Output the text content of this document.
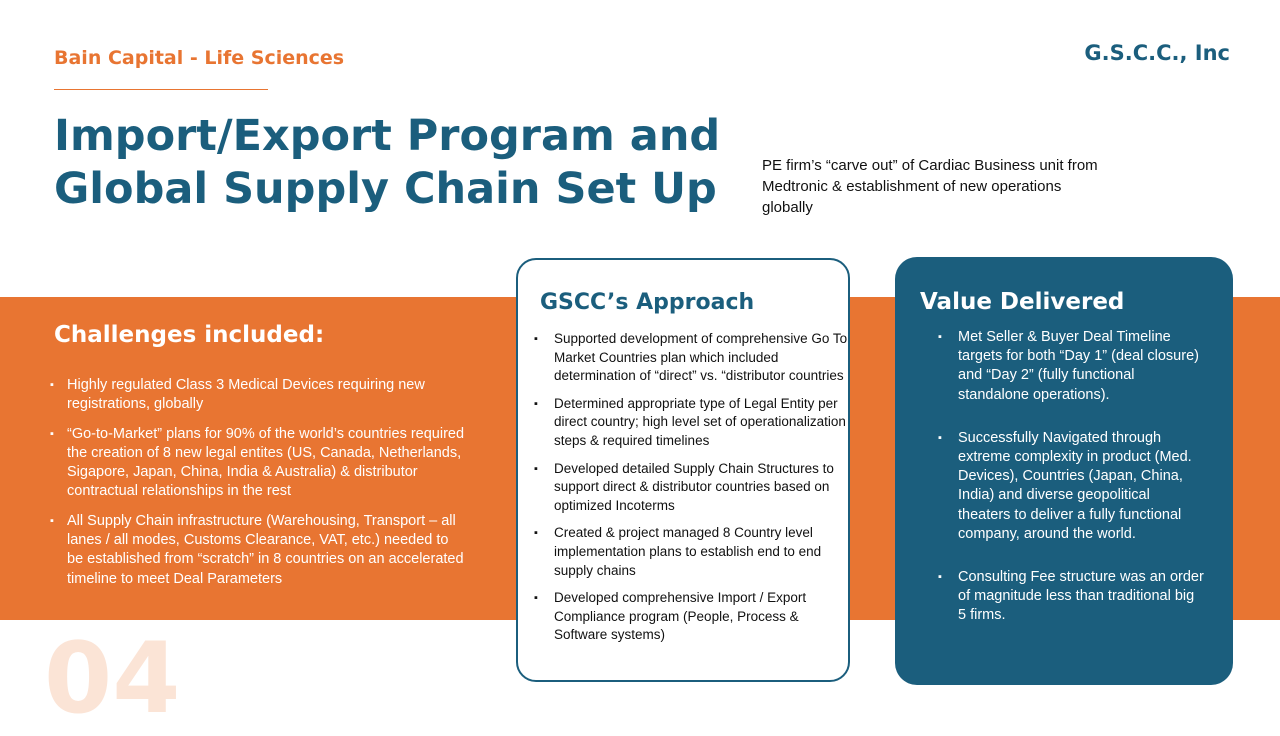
Bain Capital - Life Sciences	G.S.C.C., Inc
Import/Export Program and
Global Supply Chain Set Up	PE firm’s “carve out” of Cardiac Business unit from Medtronic & establishment of new operations globally
Challenges included:
▪ Highly regulated Class 3 Medical Devices requiring new registrations, globally
▪ “Go-to-Market” plans for 90% of the world’s countries required the creation of 8 new legal entites (US, Canada, Netherlands, Sigapore, Japan, China, India & Australia) & distributor contractual relationships in the rest
▪ All Supply Chain infrastructure (Warehousing, Transport – all lanes / all modes, Customs Clearance, VAT, etc.) needed to be established from “scratch” in 8 countries on an accelerated timeline to meet Deal Parameters
GSCC’s Approach
▪ Supported development of comprehensive Go To Market Countries plan which included determination of “direct” vs. “distributor countries
▪ Determined appropriate type of Legal Entity per direct country; high level set of operationalization steps & required timelines
▪ Developed detailed Supply Chain Structures to support direct & distributor countries based on optimized Incoterms
▪ Created & project managed 8 Country level implementation plans to establish end to end supply chains
▪ Developed comprehensive Import / Export Compliance program (People, Process & Software systems)
Value Delivered
▪ Met Seller & Buyer Deal Timeline targets for both “Day 1” (deal closure) and “Day 2” (fully functional standalone operations).
▪ Successfully Navigated through extreme complexity in product (Med. Devices), Countries (Japan, China, India) and diverse geopolitical theaters to deliver a fully functional company, around the world.
▪ Consulting Fee structure was an order of magnitude less than traditional big 5 firms.
04
